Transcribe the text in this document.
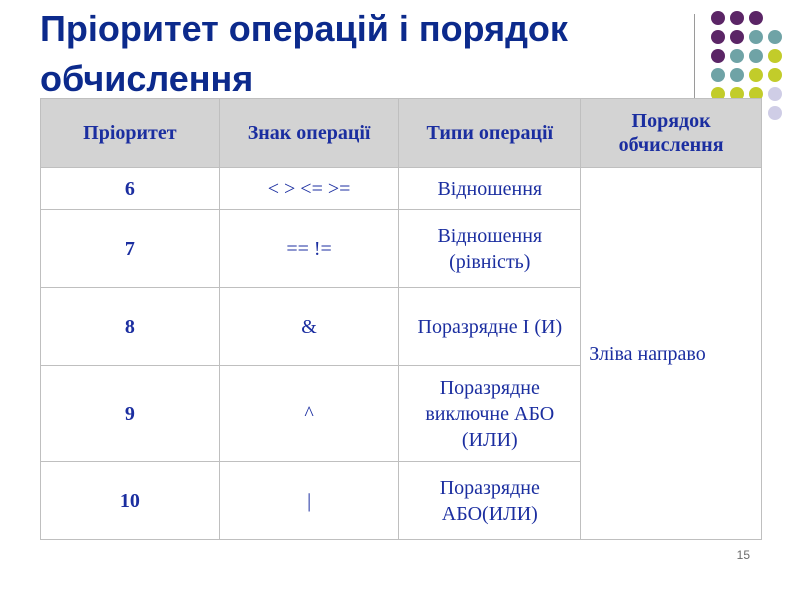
Пріоритет операцій і порядок обчислення
Пріоритет	Знак операції	Типи операції	Порядок обчислення
6	< > <= >=	Відношення	Зліва направо
7	== !=	Відношення (рівність)	
8	&	Поразрядне І (И)	
9	^	Поразрядне виключне АБО (ИЛИ)	
10	|	Поразрядне АБО(ИЛИ)	
15
